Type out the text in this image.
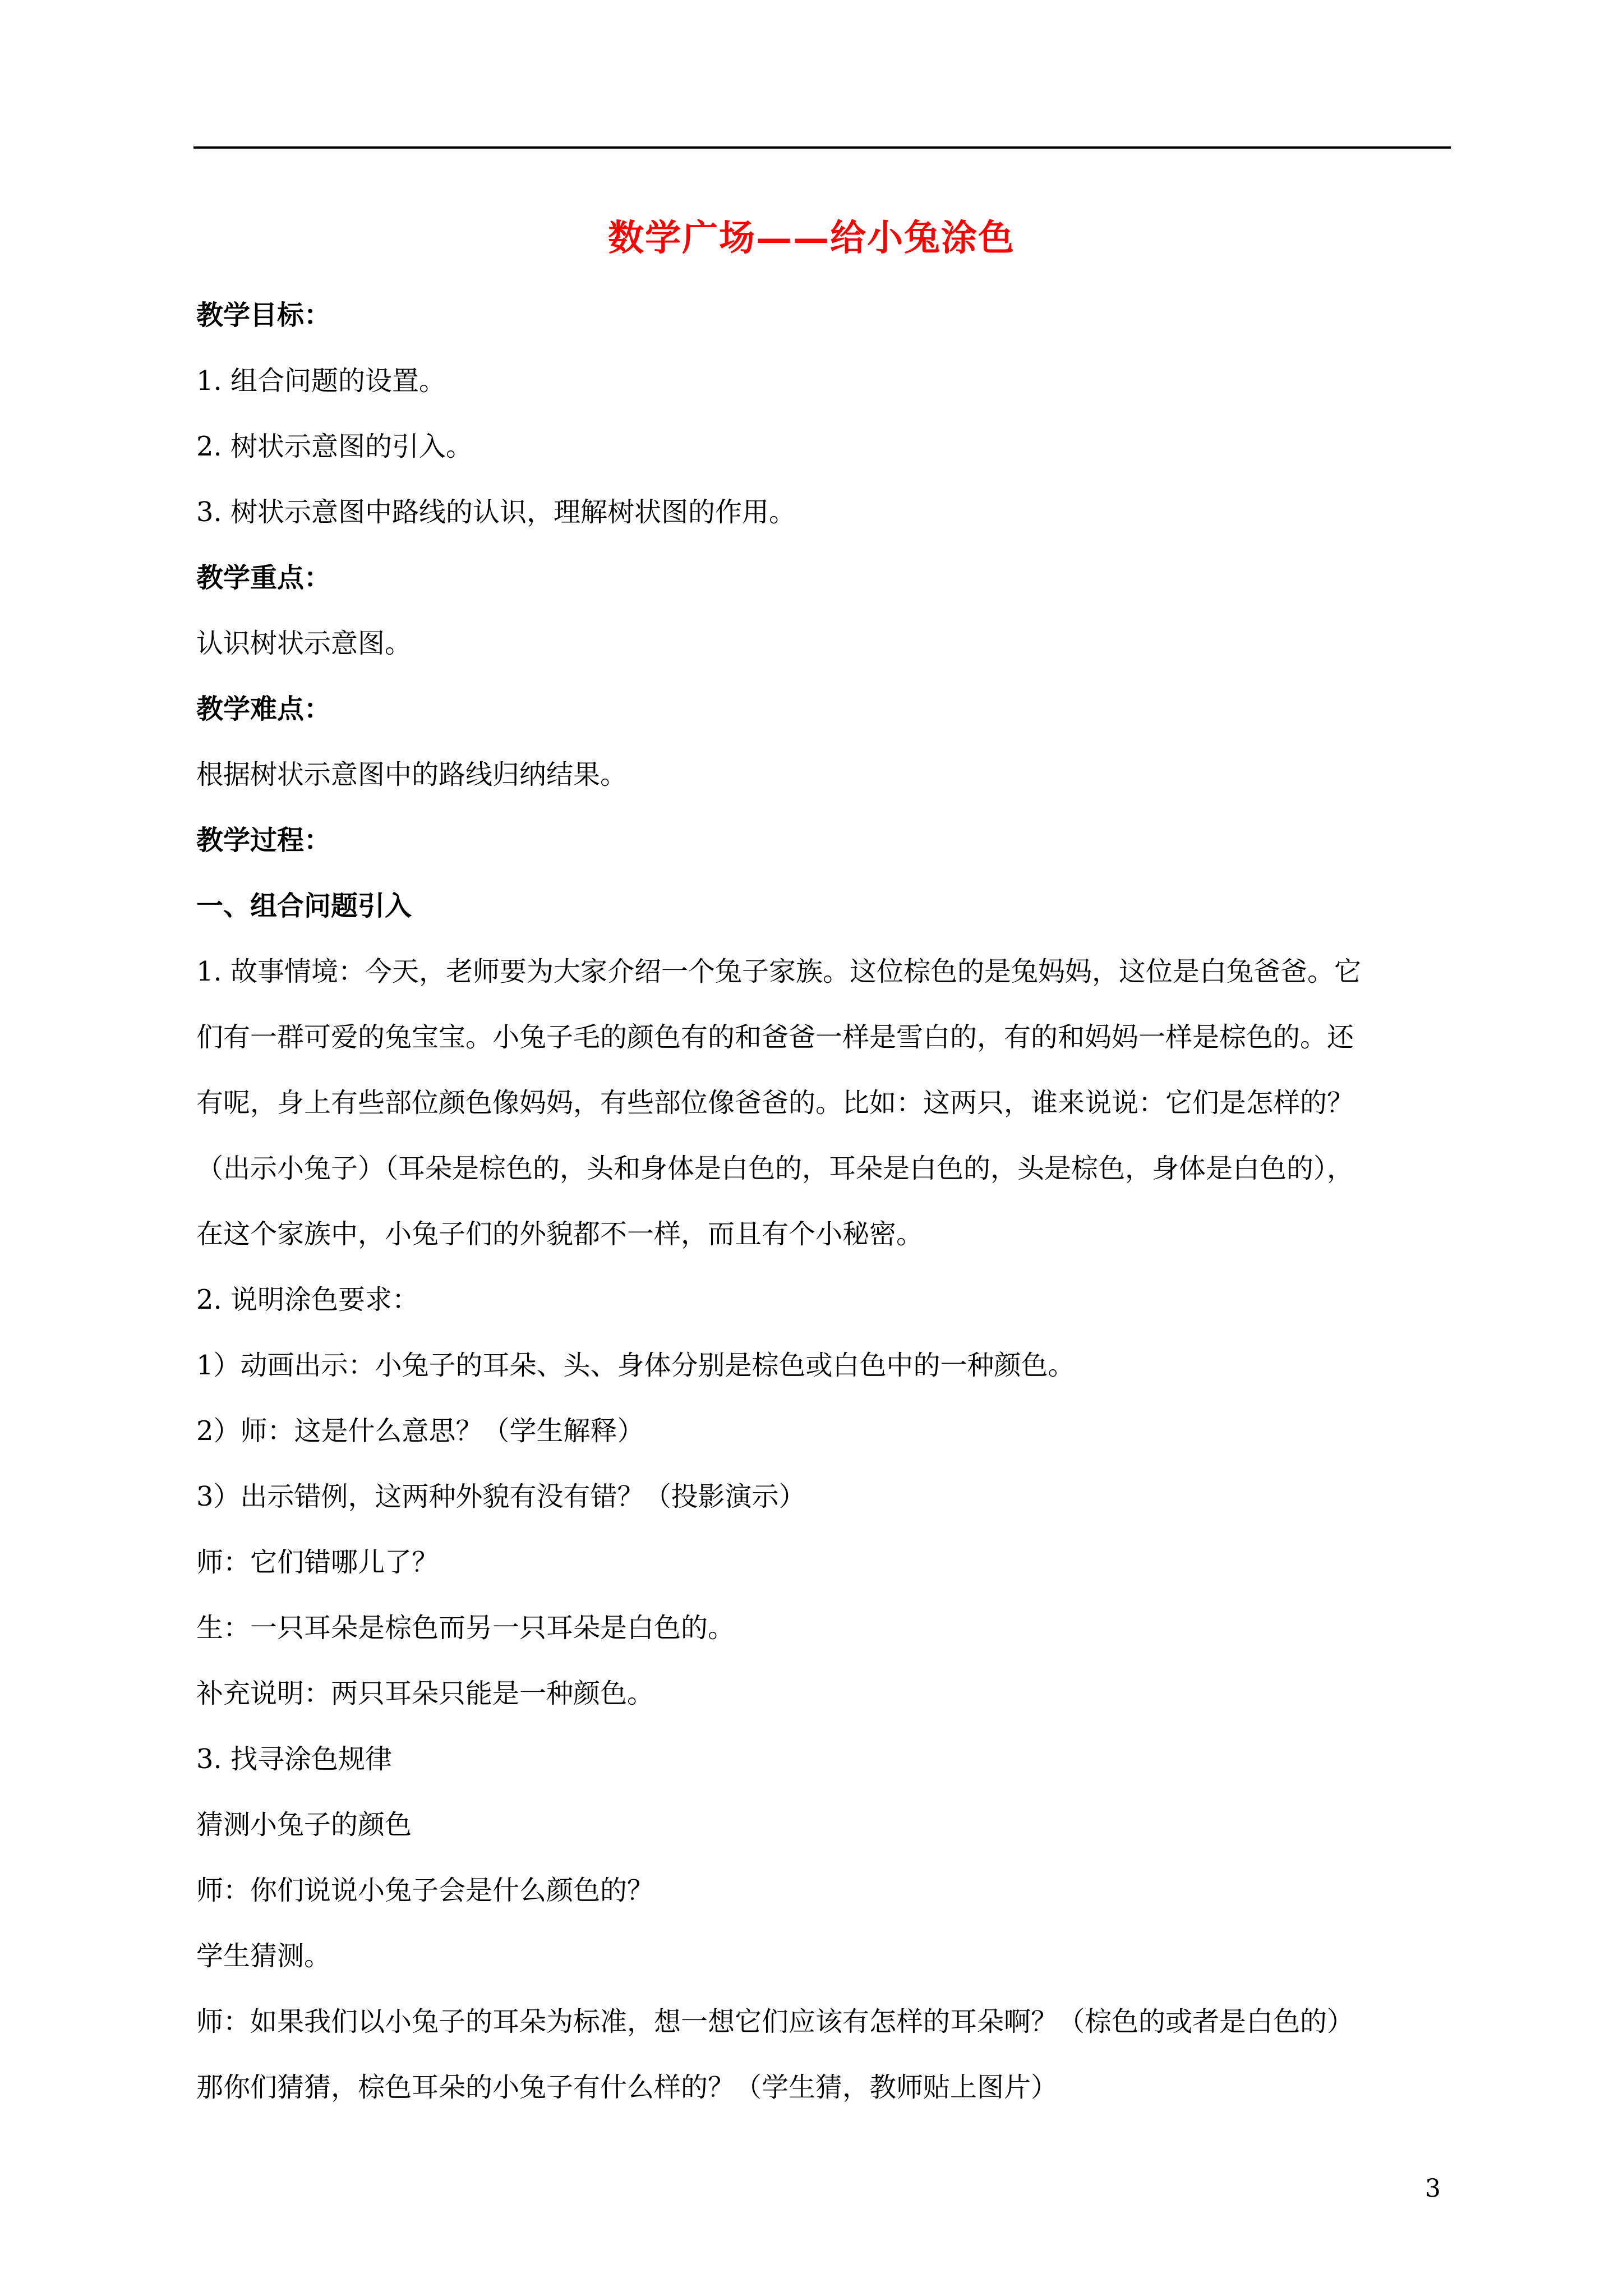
数学广场——给小兔涂色
教学目标：
1. 组合问题的设置。
2. 树状示意图的引入。
3. 树状示意图中路线的认识，理解树状图的作用。
教学重点：
认识树状示意图。
教学难点：
根据树状示意图中的路线归纳结果。
教学过程：
一、组合问题引入
1. 故事情境：今天，老师要为大家介绍一个兔子家族。这位棕色的是兔妈妈，这位是白兔爸爸。它
们有一群可爱的兔宝宝。小兔子毛的颜色有的和爸爸一样是雪白的，有的和妈妈一样是棕色的。还
有呢，身上有些部位颜色像妈妈，有些部位像爸爸的。比如：这两只，谁来说说：它们是怎样的？
（出示小兔子）（耳朵是棕色的，头和身体是白色的，耳朵是白色的，头是棕色，身体是白色的），
在这个家族中，小兔子们的外貌都不一样，而且有个小秘密。
2. 说明涂色要求：
1）动画出示：小兔子的耳朵、头、身体分别是棕色或白色中的一种颜色。
2）师：这是什么意思？（学生解释）
3）出示错例，这两种外貌有没有错？（投影演示）
师：它们错哪儿了？
生：一只耳朵是棕色而另一只耳朵是白色的。
补充说明：两只耳朵只能是一种颜色。
3. 找寻涂色规律
猜测小兔子的颜色
师：你们说说小兔子会是什么颜色的？
学生猜测。
师：如果我们以小兔子的耳朵为标准，想一想它们应该有怎样的耳朵啊？（棕色的或者是白色的）
那你们猜猜，棕色耳朵的小兔子有什么样的？（学生猜，教师贴上图片）
3
